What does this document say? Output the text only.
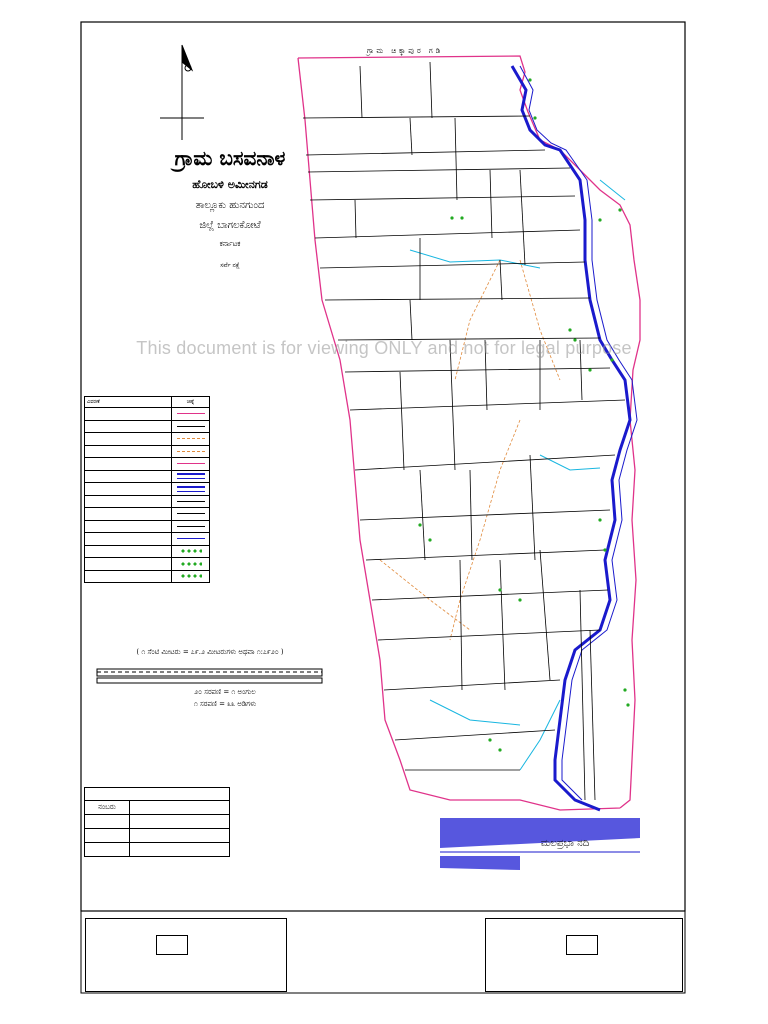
ಗ್ರಾಮ ಬಸವನಾಳ
ಹೋಬಳಿ ಅಮೀನಗಡ
ತಾಲ್ಲೂಕು ಹುನಗುಂದ
ಜಿಲ್ಲೆ ಬಾಗಲಕೋಟೆ
ಕರ್ನಾಟಕ
ಸರ್ವೆ ನಕ್ಷೆ
ಗ್ರಾಮ ಚಿಕ್ಕಾಪುರ ಗಡಿ
ಮಲಪ್ರಭಾ ನದಿ
This document is for viewing ONLY and not for legal purpose
ವಿವರಣೆ	ಚಿಹ್ನೆ
( ೧ ಸೆಂಟಿ ಮೀಟರು = ೭೯.೨ ಮೀಟರುಗಳು ಅಥವಾ ೧:೭೯೨೦ )
೨೦ ಸರಪಣಿ = ೧ ಅಂಗುಲ
೧ ಸರಪಣಿ = ೩೩ ಅಡಿಗಳು
ನಂಬರು
